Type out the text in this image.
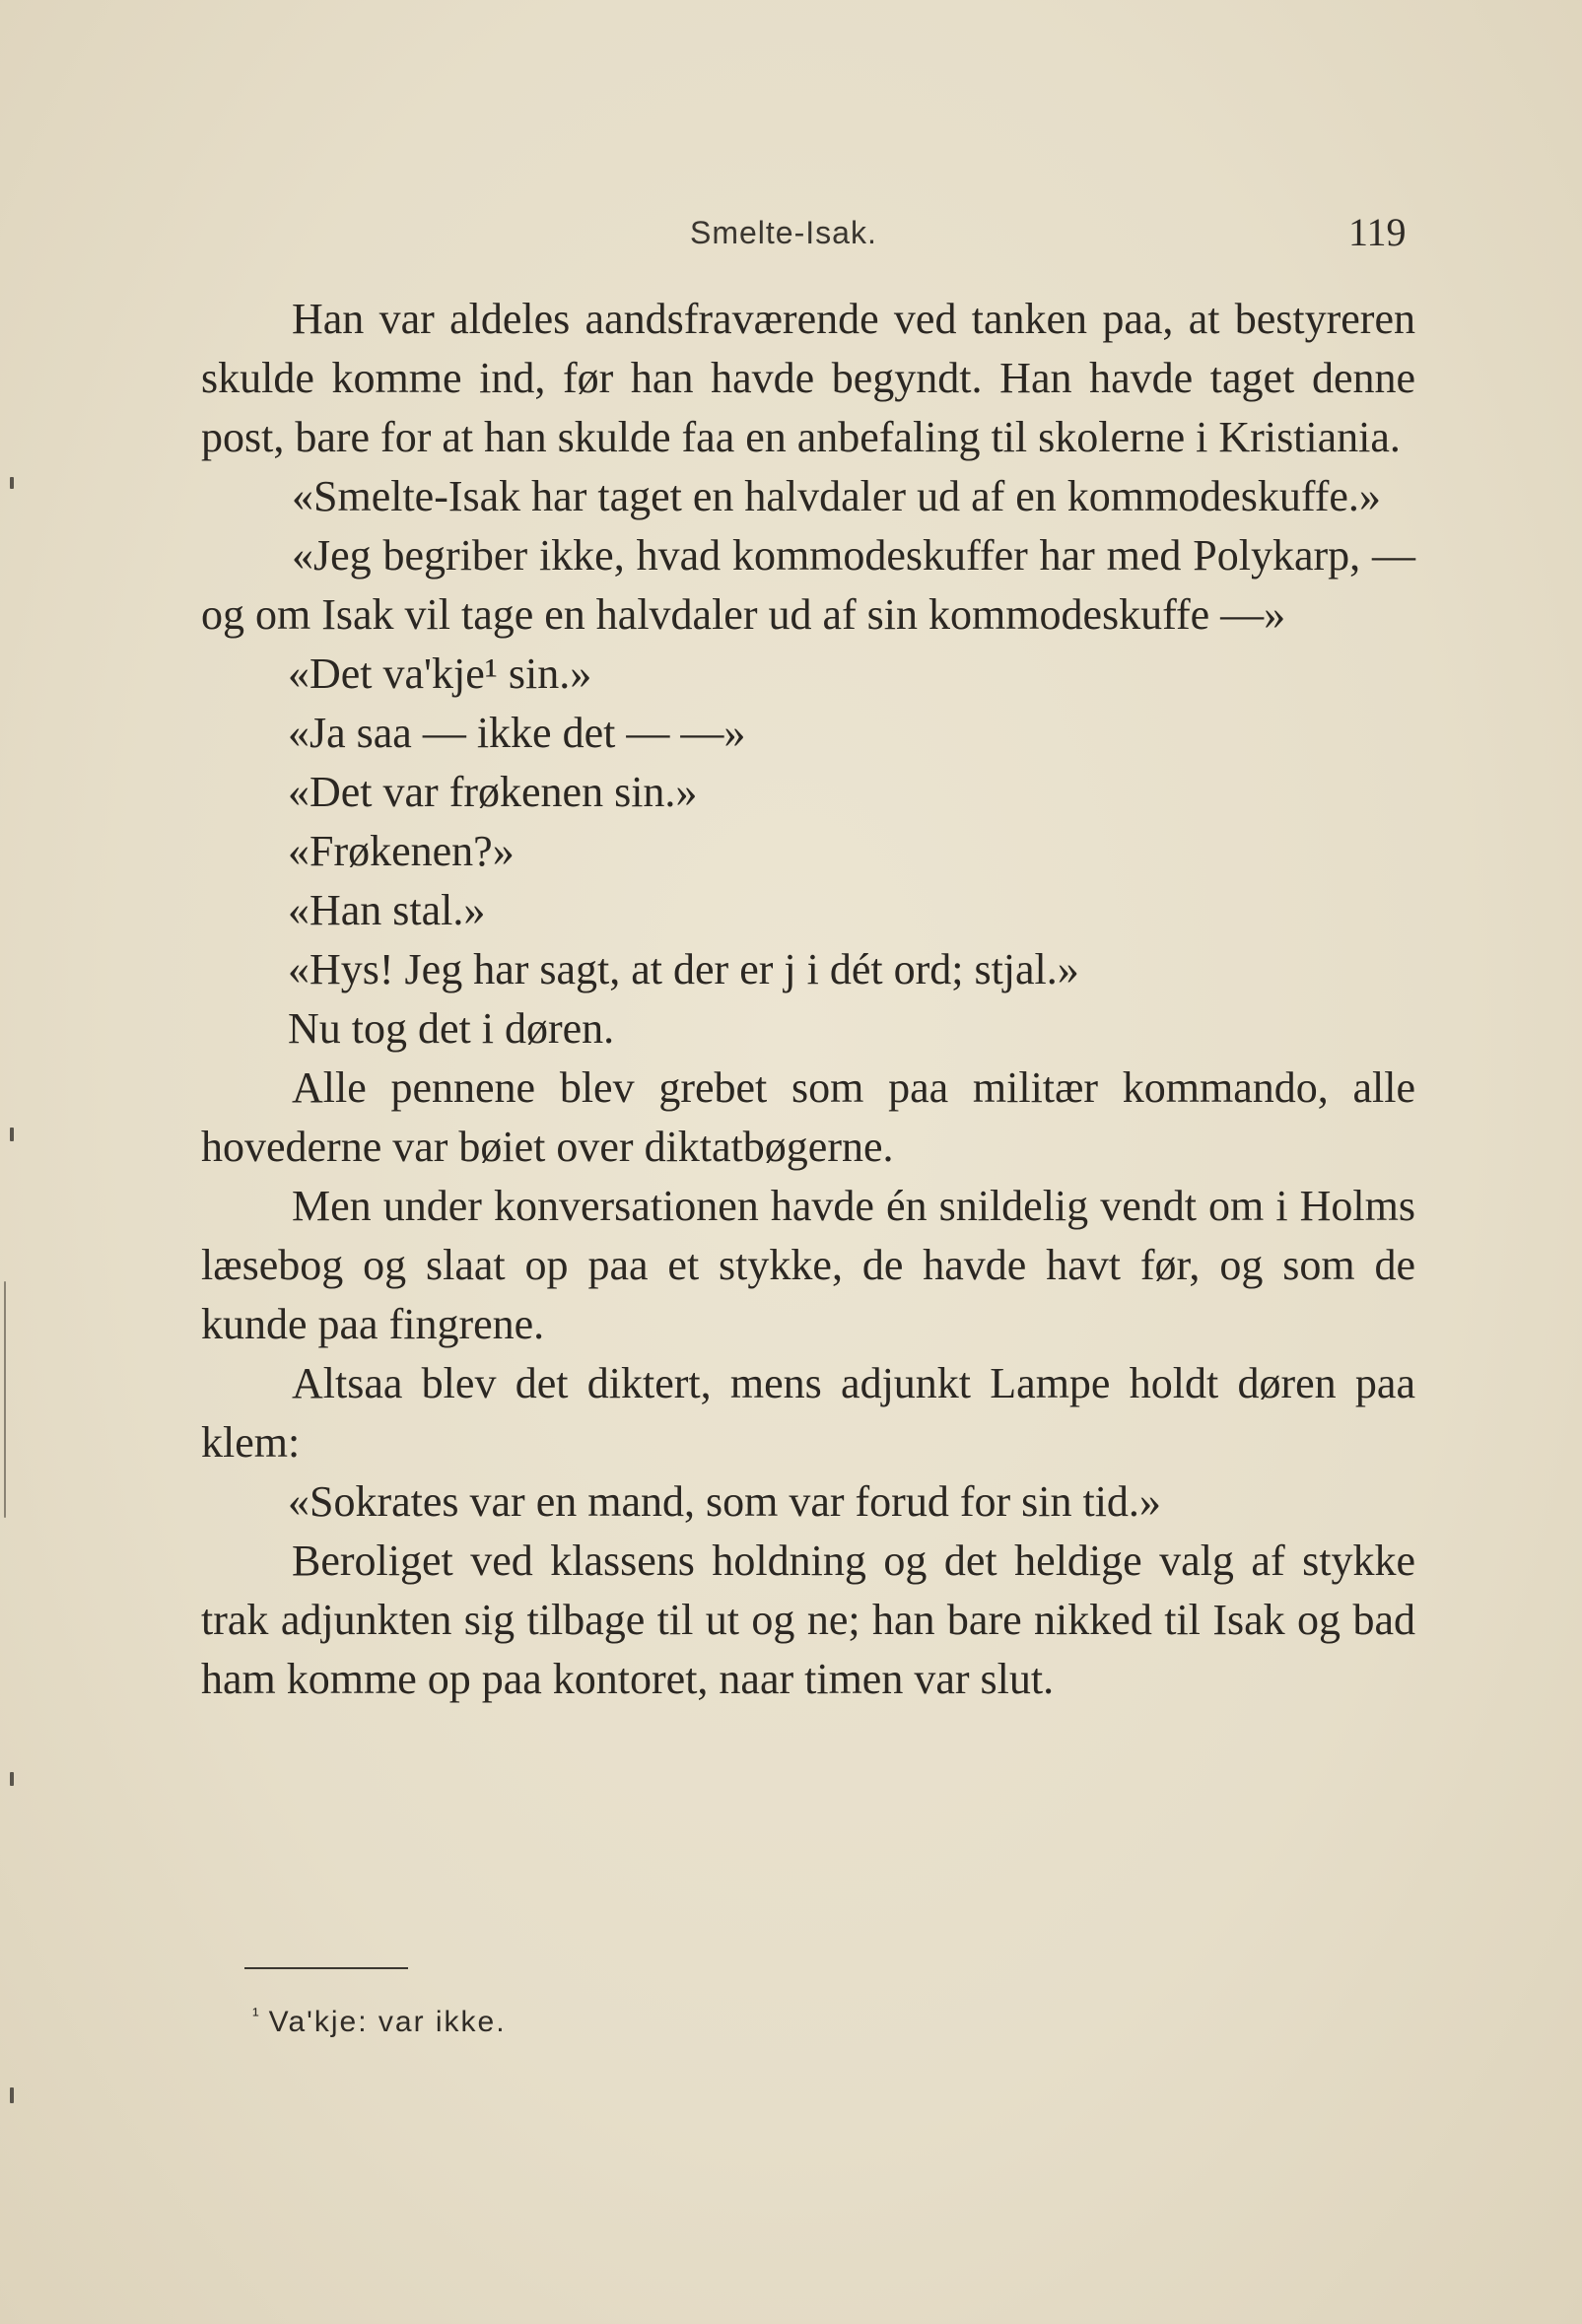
Smelte-Isak.	119

Han var aldeles aandsfraværende ved tanken paa, at bestyreren skulde komme ind, før han havde begyndt. Han havde taget denne post, bare for at han skulde faa en anbefaling til skolerne i Kristiania.

«Smelte-Isak har taget en halvdaler ud af en kommodeskuffe.»

«Jeg begriber ikke, hvad kommodeskuffer har med Polykarp, — og om Isak vil tage en halvdaler ud af sin kommodeskuffe —»

«Det va'kje¹ sin.»

«Ja saa — ikke det — —»

«Det var frøkenen sin.»

«Frøkenen?»

«Han stal.»

«Hys! Jeg har sagt, at der er j i dét ord; stjal.»

Nu tog det i døren.

Alle pennene blev grebet som paa militær kommando, alle hovederne var bøiet over diktatbøgerne.

Men under konversationen havde én snildelig vendt om i Holms læsebog og slaat op paa et stykke, de havde havt før, og som de kunde paa fingrene.

Altsaa blev det diktert, mens adjunkt Lampe holdt døren paa klem:

«Sokrates var en mand, som var forud for sin tid.»

Beroliget ved klassens holdning og det heldige valg af stykke trak adjunkten sig tilbage til ut og ne; han bare nikked til Isak og bad ham komme op paa kontoret, naar timen var slut.

$^{^1}$ Va'kje: var ikke.
